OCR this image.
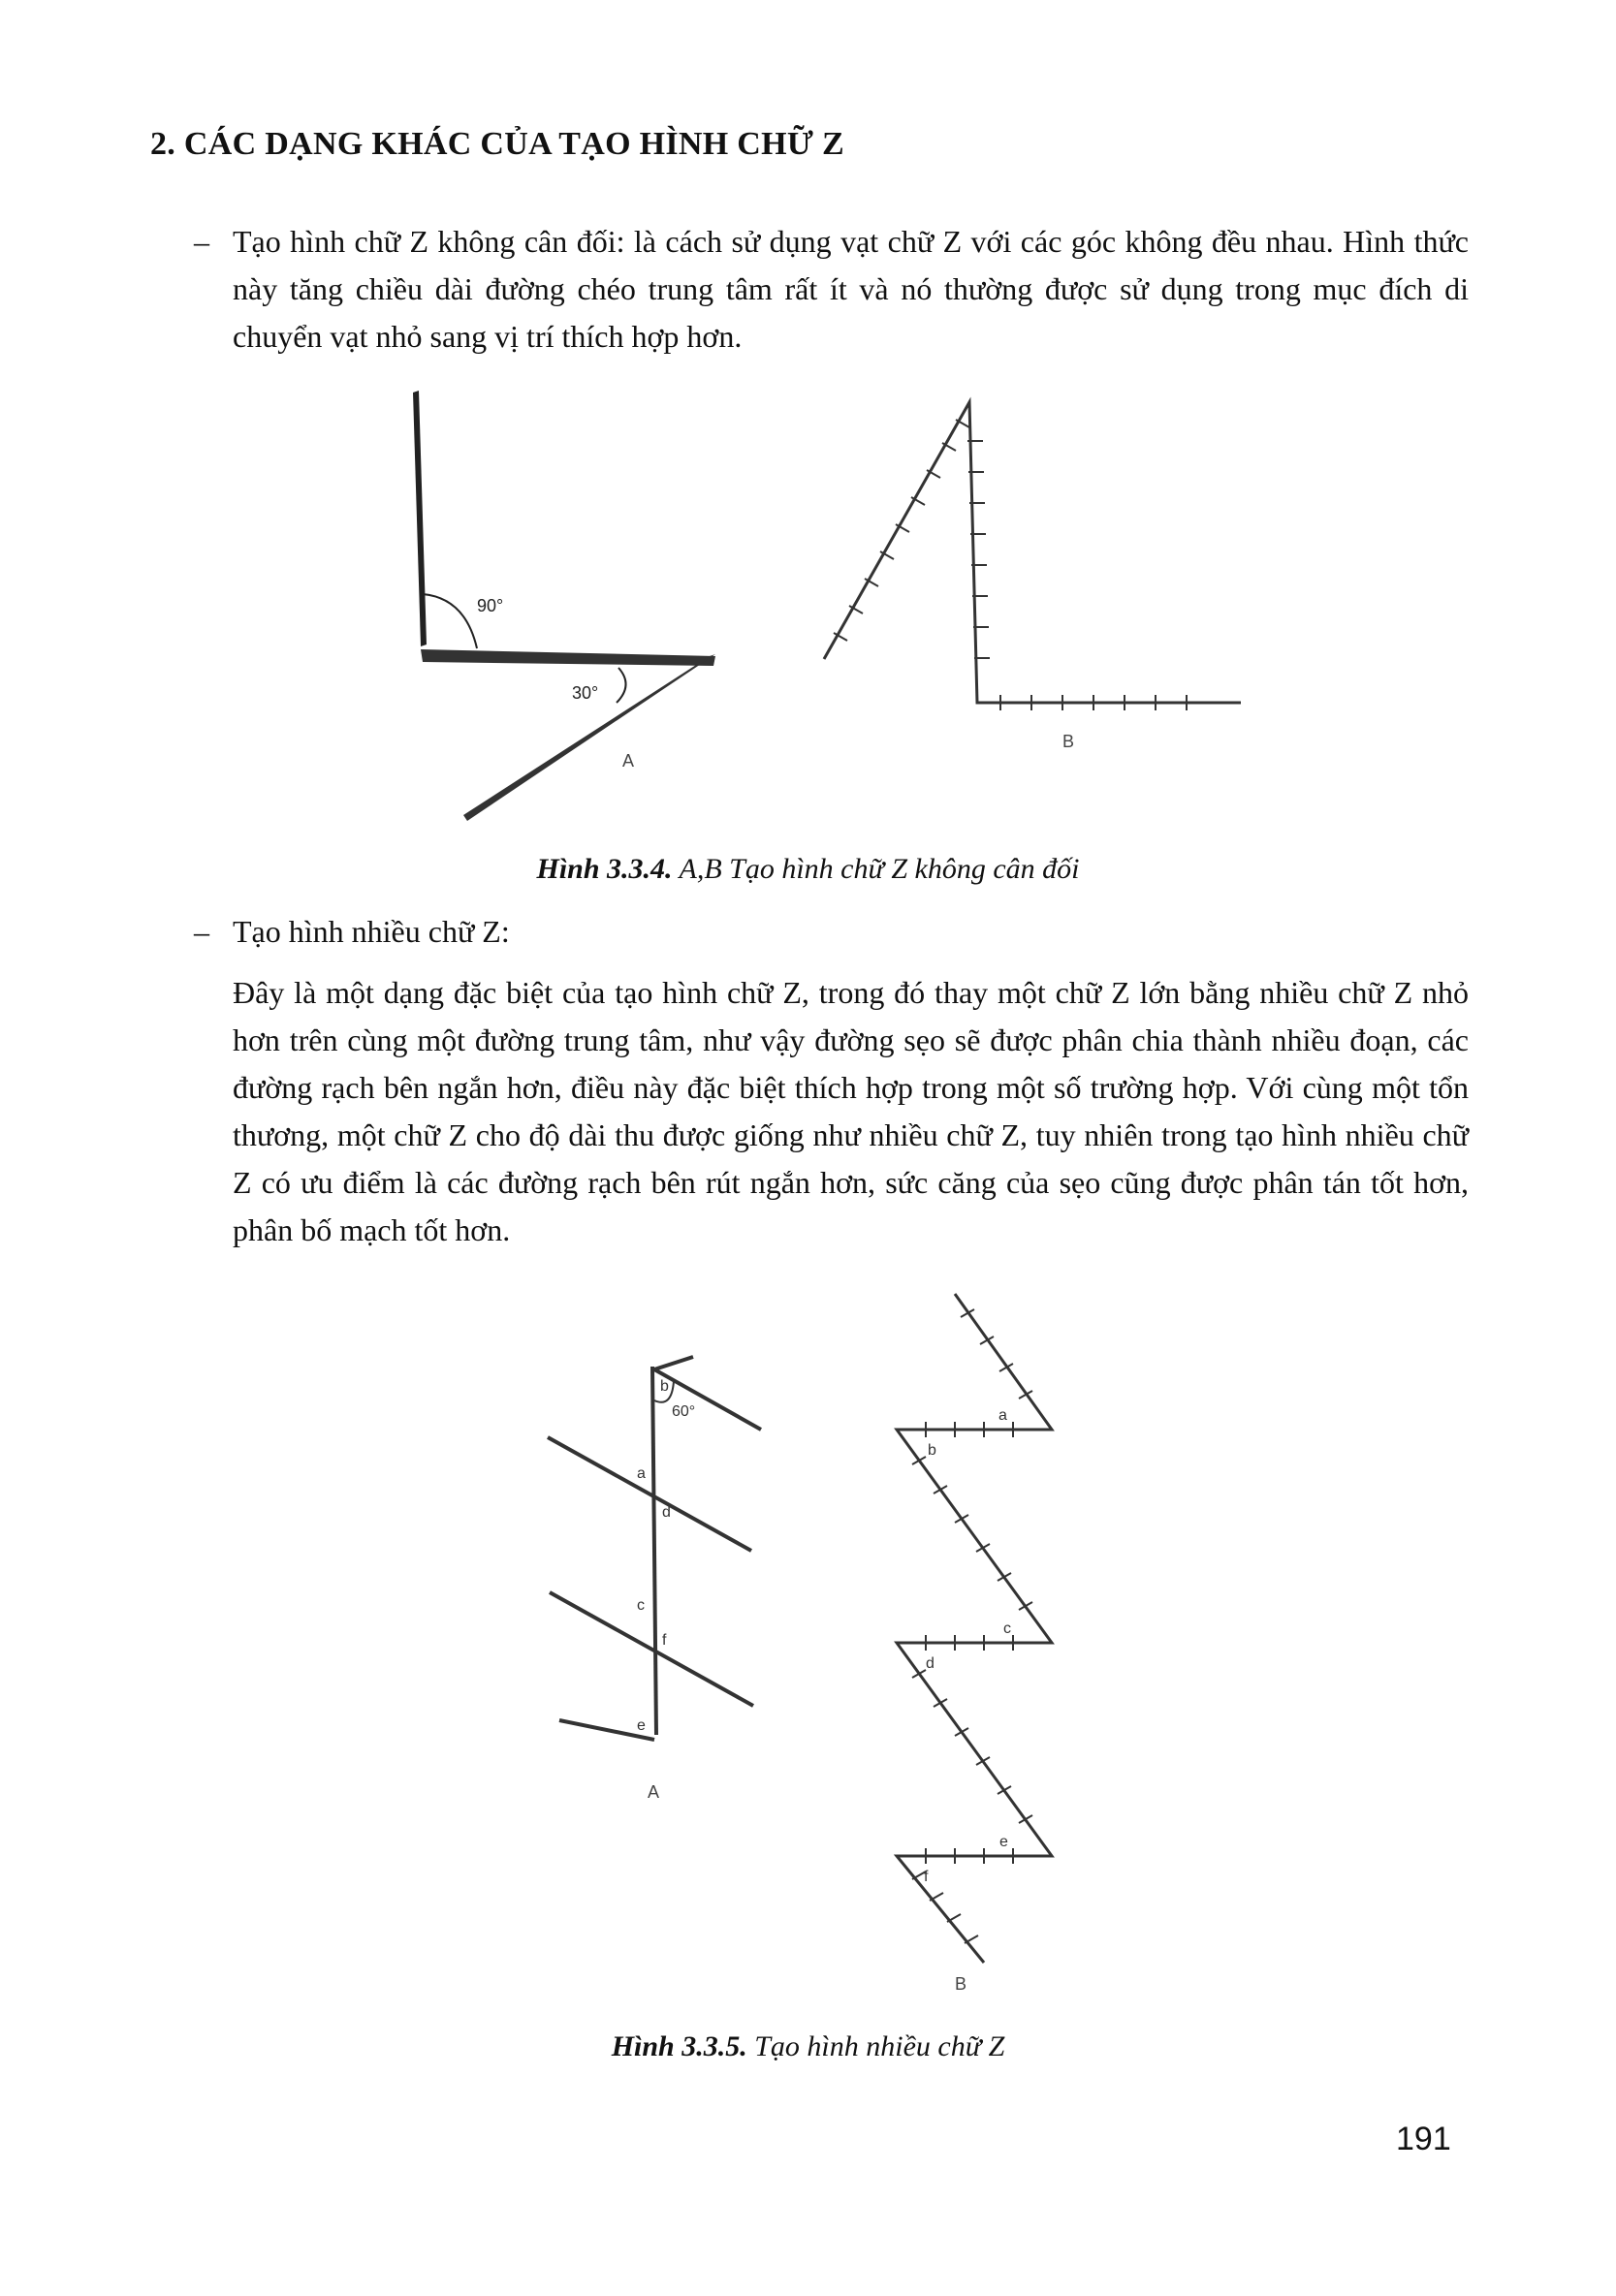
2. CÁC DẠNG KHÁC CỦA TẠO HÌNH CHỮ Z
– Tạo hình chữ Z không cân đối: là cách sử dụng vạt chữ Z với các góc không đều nhau. Hình thức này tăng chiều dài đường chéo trung tâm rất ít và nó thường được sử dụng trong mục đích di chuyển vạt nhỏ sang vị trí thích hợp hơn.
90°
30°
A
B
Hình 3.3.4. A,B Tạo hình chữ Z không cân đối
– Tạo hình nhiều chữ Z:
Đây là một dạng đặc biệt của tạo hình chữ Z, trong đó thay một chữ Z lớn bằng nhiều chữ Z nhỏ hơn trên cùng một đường trung tâm, như vậy đường sẹo sẽ được phân chia thành nhiều đoạn, các đường rạch bên ngắn hơn, điều này đặc biệt thích hợp trong một số trường hợp. Với cùng một tổn thương, một chữ Z cho độ dài thu được giống như nhiều chữ Z, tuy nhiên trong tạo hình nhiều chữ Z có ưu điểm là các đường rạch bên rút ngắn hơn, sức căng của sẹo cũng được phân tán tốt hơn, phân bố mạch tốt hơn.
b
60°
a
d
c
f
e
A
a
b
c
d
e
f
B
Hình 3.3.5. Tạo hình nhiều chữ Z
191
